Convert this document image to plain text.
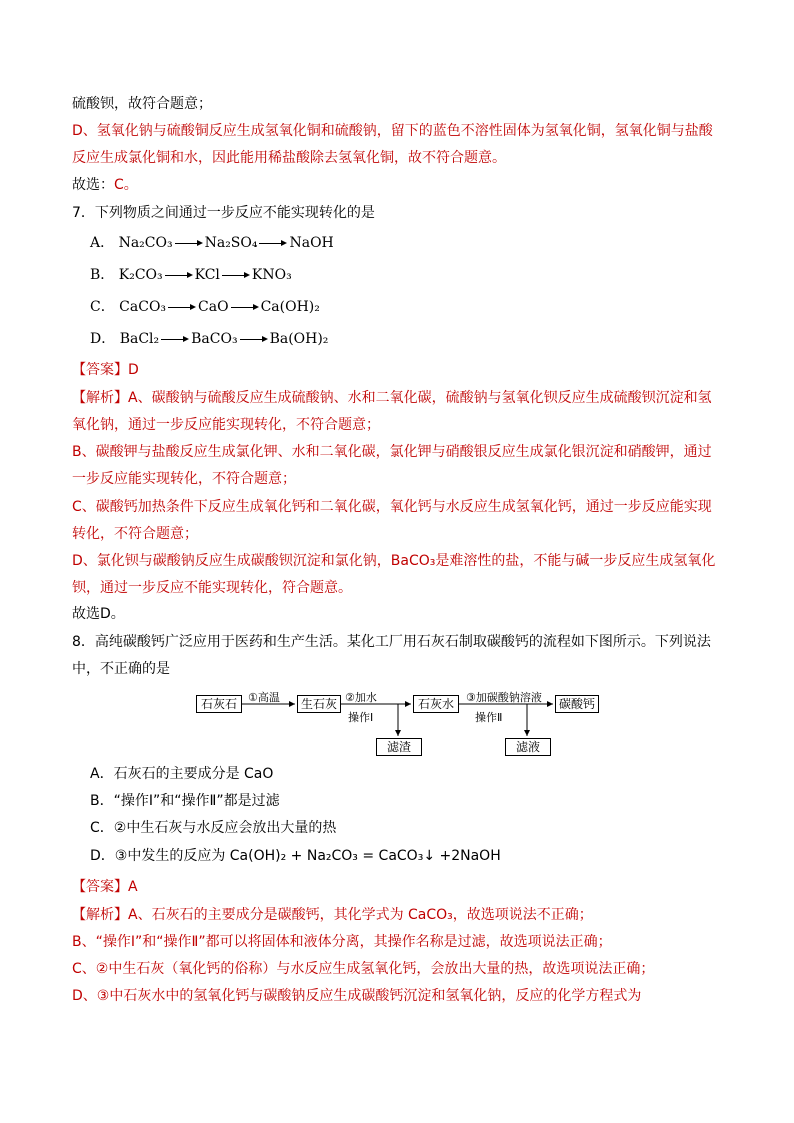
硫酸钡，故符合题意；
D、氢氧化钠与硫酸铜反应生成氢氧化铜和硫酸钠，留下的蓝色不溶性固体为氢氧化铜，氢氧化铜与盐酸
反应生成氯化铜和水，因此能用稀盐酸除去氢氧化铜，故不符合题意。
故选：C。
7．下列物质之间通过一步反应不能实现转化的是
A． Na₂CO₃ Na₂SO₄ NaOH
B． K₂CO₃ KCl KNO₃
C． CaCO₃ CaO Ca(OH)₂
D． BaCl₂ BaCO₃ Ba(OH)₂
【答案】D
【解析】A、碳酸钠与硫酸反应生成硫酸钠、水和二氧化碳，硫酸钠与氢氧化钡反应生成硫酸钡沉淀和氢
氧化钠，通过一步反应能实现转化，不符合题意；
B、碳酸钾与盐酸反应生成氯化钾、水和二氧化碳，氯化钾与硝酸银反应生成氯化银沉淀和硝酸钾，通过
一步反应能实现转化，不符合题意；
C、碳酸钙加热条件下反应生成氧化钙和二氧化碳，氧化钙与水反应生成氢氧化钙，通过一步反应能实现
转化，不符合题意；
D、氯化钡与碳酸钠反应生成碳酸钡沉淀和氯化钠，BaCO₃是难溶性的盐，不能与碱一步反应生成氢氧化
钡，通过一步反应不能实现转化，符合题意。
故选D。
8．高纯碳酸钙广泛应用于医药和生产生活。某化工厂用石灰石制取碳酸钙的流程如下图所示。下列说法
中，不正确的是
石灰石	①高温	生石灰 ②加水
操作Ⅰ
石灰水	③加碳酸钠溶液
操作Ⅱ
碳酸钙
滤渣	滤液
A．石灰石的主要成分是 CaO
B．“操作Ⅰ”和“操作Ⅱ”都是过滤
C．②中生石灰与水反应会放出大量的热
D．③中发生的反应为 Ca(OH)₂ + Na₂CO₃ = CaCO₃↓ +2NaOH
【答案】A
【解析】A、石灰石的主要成分是碳酸钙，其化学式为 CaCO₃，故选项说法不正确；
B、“操作Ⅰ”和“操作Ⅱ”都可以将固体和液体分离，其操作名称是过滤，故选项说法正确；
C、②中生石灰（氧化钙的俗称）与水反应生成氢氧化钙，会放出大量的热，故选项说法正确；
D、③中石灰水中的氢氧化钙与碳酸钠反应生成碳酸钙沉淀和氢氧化钠，反应的化学方程式为
